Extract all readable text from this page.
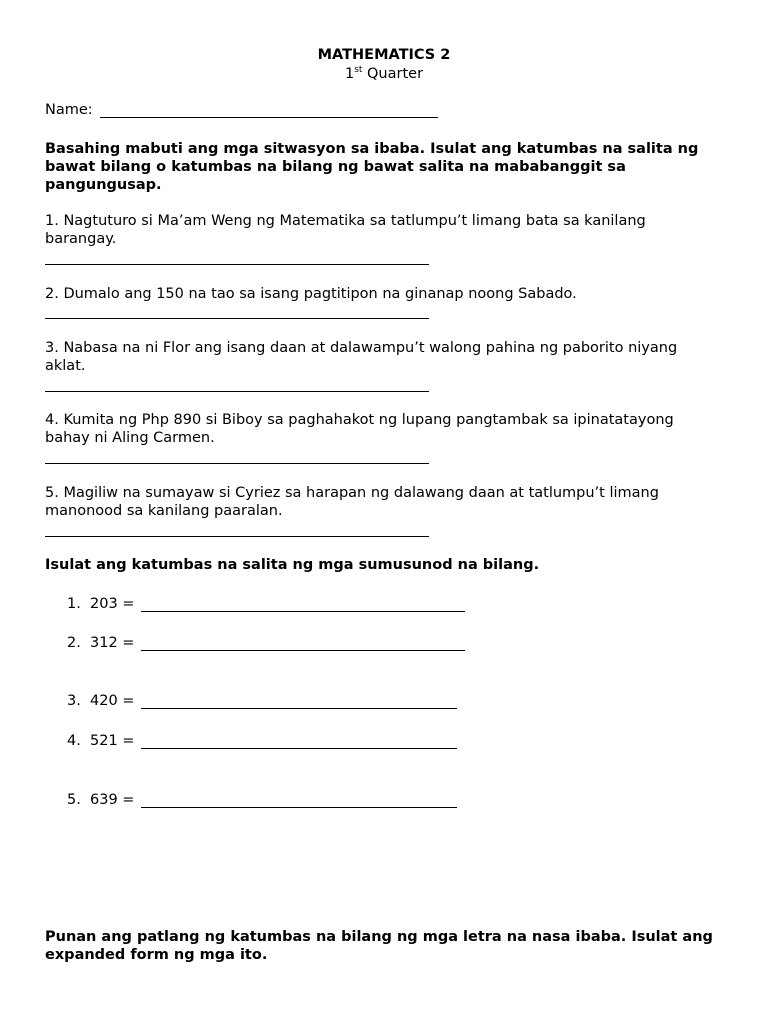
MATHEMATICS 2
1st Quarter
Name:
Basahing mabuti ang mga sitwasyon sa ibaba. Isulat ang katumbas na salita ng bawat bilang o katumbas na bilang ng bawat salita na mababanggit sa pangungusap.
1. Nagtuturo si Ma’am Weng ng Matematika sa tatlumpu’t limang bata sa kanilang barangay.
2. Dumalo ang 150 na tao sa isang pagtitipon na ginanap noong Sabado.
3. Nabasa na ni Flor ang isang daan at dalawampu’t walong pahina ng paborito niyang aklat.
4. Kumita ng Php 890 si Biboy sa paghahakot ng lupang pangtambak sa ipinatatayong bahay ni Aling Carmen.
5. Magiliw na sumayaw si Cyriez sa harapan ng dalawang daan at tatlumpu’t limang manonood sa kanilang paaralan.
Isulat ang katumbas na salita ng mga sumusunod na bilang.
1. 203 =
2. 312 =
3. 420 =
4. 521 =
5. 639 =
Punan ang patlang ng katumbas na bilang ng mga letra na nasa ibaba. Isulat ang expanded form ng mga ito.
